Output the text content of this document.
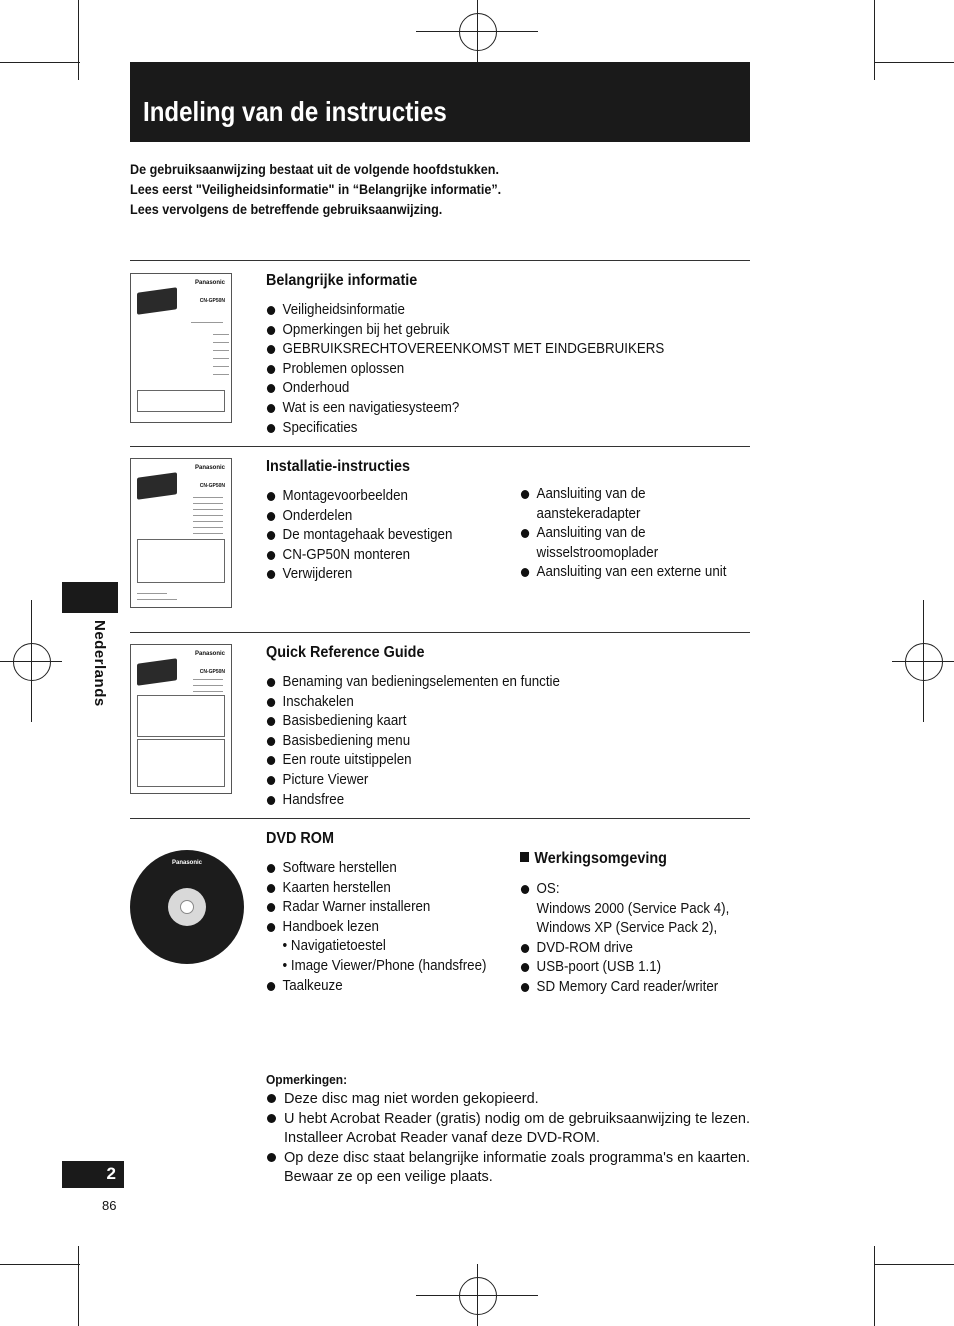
Indeling van de instructies
De gebruiksaanwijzing bestaat uit de volgende hoofdstukken.
Lees eerst "Veiligheidsinformatie" in “Belangrijke informatie”.
Lees vervolgens de betreffende gebruiksaanwijzing.
Nederlands
Panasonic
CN-GP50N
Belangrijke informatie
Veiligheidsinformatie
Opmerkingen bij het gebruik
GEBRUIKSRECHTOVEREENKOMST MET EINDGEBRUIKERS
Problemen oplossen
Onderhoud
Wat is een navigatiesysteem?
Specificaties
Panasonic
CN-GP50N
Installatie-instructies
Montagevoorbeelden
Onderdelen
De montagehaak bevestigen
CN-GP50N monteren
Verwijderen
Aansluiting van de aanstekeradapter
Aansluiting van de wisselstroomoplader
Aansluiting van een externe unit
Panasonic
CN-GP50N
Quick Reference Guide
Benaming van bedieningselementen en functie
Inschakelen
Basisbediening kaart
Basisbediening menu
Een route uitstippelen
Picture Viewer
Handsfree
Panasonic
DVD ROM
Software herstellen
Kaarten herstellen
Radar Warner installeren
Handboek lezen
• Navigatietoestel
• Image Viewer/Phone (handsfree)
Taalkeuze
Werkingsomgeving
OS:
Windows 2000 (Service Pack 4),
Windows XP (Service Pack 2),
DVD-ROM drive
USB-poort (USB 1.1)
SD Memory Card reader/writer
Opmerkingen:
Deze disc mag niet worden gekopieerd.
U hebt Acrobat Reader (gratis) nodig om de gebruiksaanwijzing te lezen. Installeer Acrobat Reader vanaf deze DVD-ROM.
Op deze disc staat belangrijke informatie zoals programma's en kaarten. Bewaar ze op een veilige plaats.
2
86
